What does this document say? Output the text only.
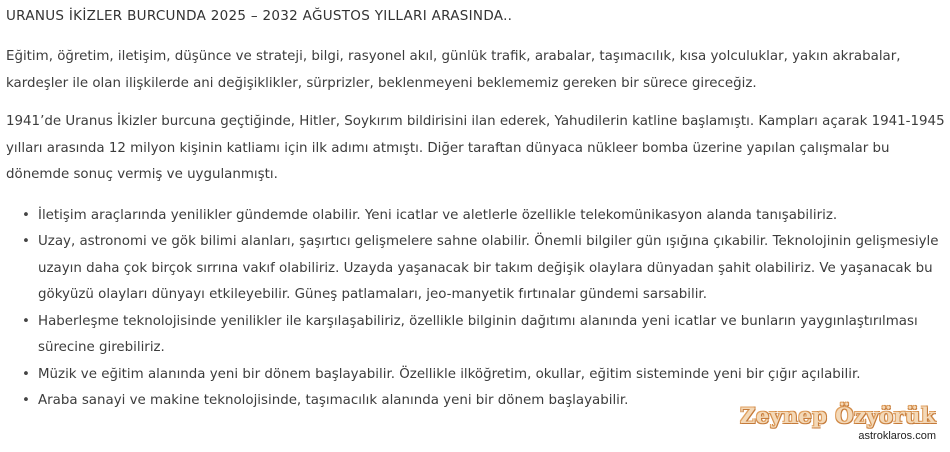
URANUS İKİZLER BURCUNDA 2025 – 2032 AĞUSTOS YILLARI ARASINDA..

Eğitim, öğretim, iletişim, düşünce ve strateji, bilgi, rasyonel akıl, günlük trafik, arabalar, taşımacılık, kısa yolculuklar, yakın akrabalar, kardeşler ile olan ilişkilerde ani değişiklikler, sürprizler, beklenmeyeni beklememiz gereken bir sürece gireceğiz.

1941’de Uranus İkizler burcuna geçtiğinde, Hitler, Soykırım bildirisini ilan ederek, Yahudilerin katline başlamıştı. Kampları açarak 1941-1945 yılları arasında 12 milyon kişinin katliamı için ilk adımı atmıştı. Diğer taraftan dünyaca nükleer bomba üzerine yapılan çalışmalar bu dönemde sonuç vermiş ve uygulanmıştı.

• İletişim araçlarında yenilikler gündemde olabilir. Yeni icatlar ve aletlerle özellikle telekomünikasyon alanda tanışabiliriz.
• Uzay, astronomi ve gök bilimi alanları, şaşırtıcı gelişmelere sahne olabilir. Önemli bilgiler gün ışığına çıkabilir. Teknolojinin gelişmesiyle uzayın daha çok birçok sırrına vakıf olabiliriz. Uzayda yaşanacak bir takım değişik olaylara dünyadan şahit olabiliriz. Ve yaşanacak bu gökyüzü olayları dünyayı etkileyebilir. Güneş patlamaları, jeo-manyetik fırtınalar gündemi sarsabilir.
• Haberleşme teknolojisinde yenilikler ile karşılaşabiliriz, özellikle bilginin dağıtımı alanında yeni icatlar ve bunların yaygınlaştırılması sürecine girebiliriz.
• Müzik ve eğitim alanında yeni bir dönem başlayabilir. Özellikle ilköğretim, okullar, eğitim sisteminde yeni bir çığır açılabilir.
• Araba sanayi ve makine teknolojisinde, taşımacılık alanında yeni bir dönem başlayabilir.
Zeynep Özyörük
astroklaros.com
